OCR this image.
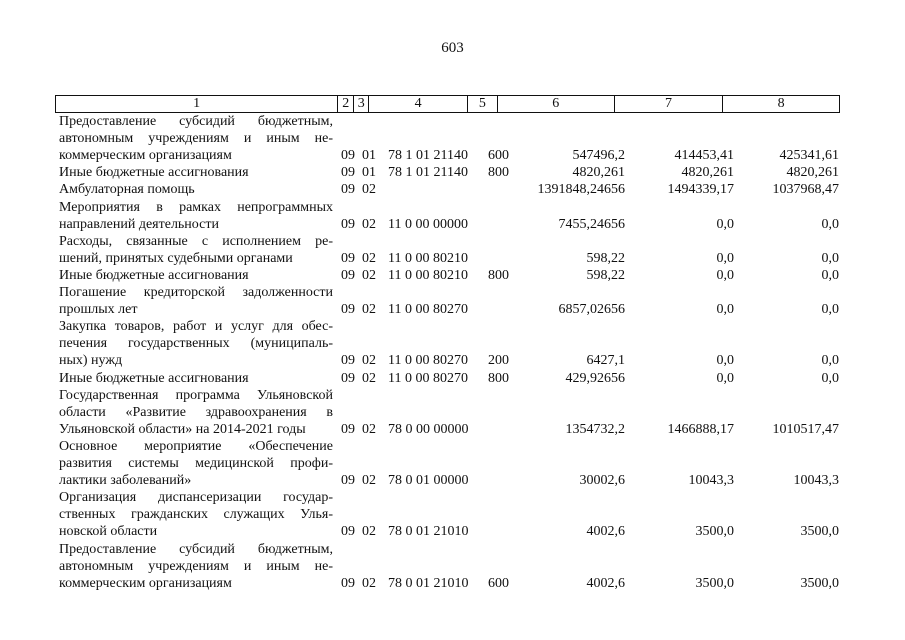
603
1	2 3	4	5	6	7	8
Предоставление субсидий бюджетным,
автономным учреждениям и иным не-
коммерческим организациям	09 01 78 1 01 21140 600	547496,2	414453,41	425341,61
Иные бюджетные ассигнования	09 01 78 1 01 21140 800	4820,261	4820,261	4820,261
Амбулаторная помощь	09 02	1391848,24656	1494339,17	1037968,47
Мероприятия в рамках непрограммных
направлений деятельности	09 02 11 0 00 00000	7455,24656	0,0	0,0
Расходы, связанные с исполнением ре-
шений, принятых судебными органами	09 02 11 0 00 80210	598,22	0,0	0,0
Иные бюджетные ассигнования	09 02 11 0 00 80210 800	598,22	0,0	0,0
Погашение кредиторской задолженности
прошлых лет	09 02 11 0 00 80270	6857,02656	0,0	0,0
Закупка товаров, работ и услуг для обес-
печения государственных (муниципаль-
ных) нужд	09 02 11 0 00 80270 200	6427,1	0,0	0,0
Иные бюджетные ассигнования	09 02 11 0 00 80270 800	429,92656	0,0	0,0
Государственная программа Ульяновской
области «Развитие здравоохранения в
Ульяновской области» на 2014-2021 годы	09 02 78 0 00 00000	1354732,2	1466888,17	1010517,47
Основное мероприятие «Обеспечение
развития системы медицинской профи-
лактики заболеваний»	09 02 78 0 01 00000	30002,6	10043,3	10043,3
Организация диспансеризации государ-
ственных гражданских служащих Улья-
новской области	09 02 78 0 01 21010	4002,6	3500,0	3500,0
Предоставление субсидий бюджетным,
автономным учреждениям и иным не-
коммерческим организациям	09 02 78 0 01 21010 600	4002,6	3500,0	3500,0
